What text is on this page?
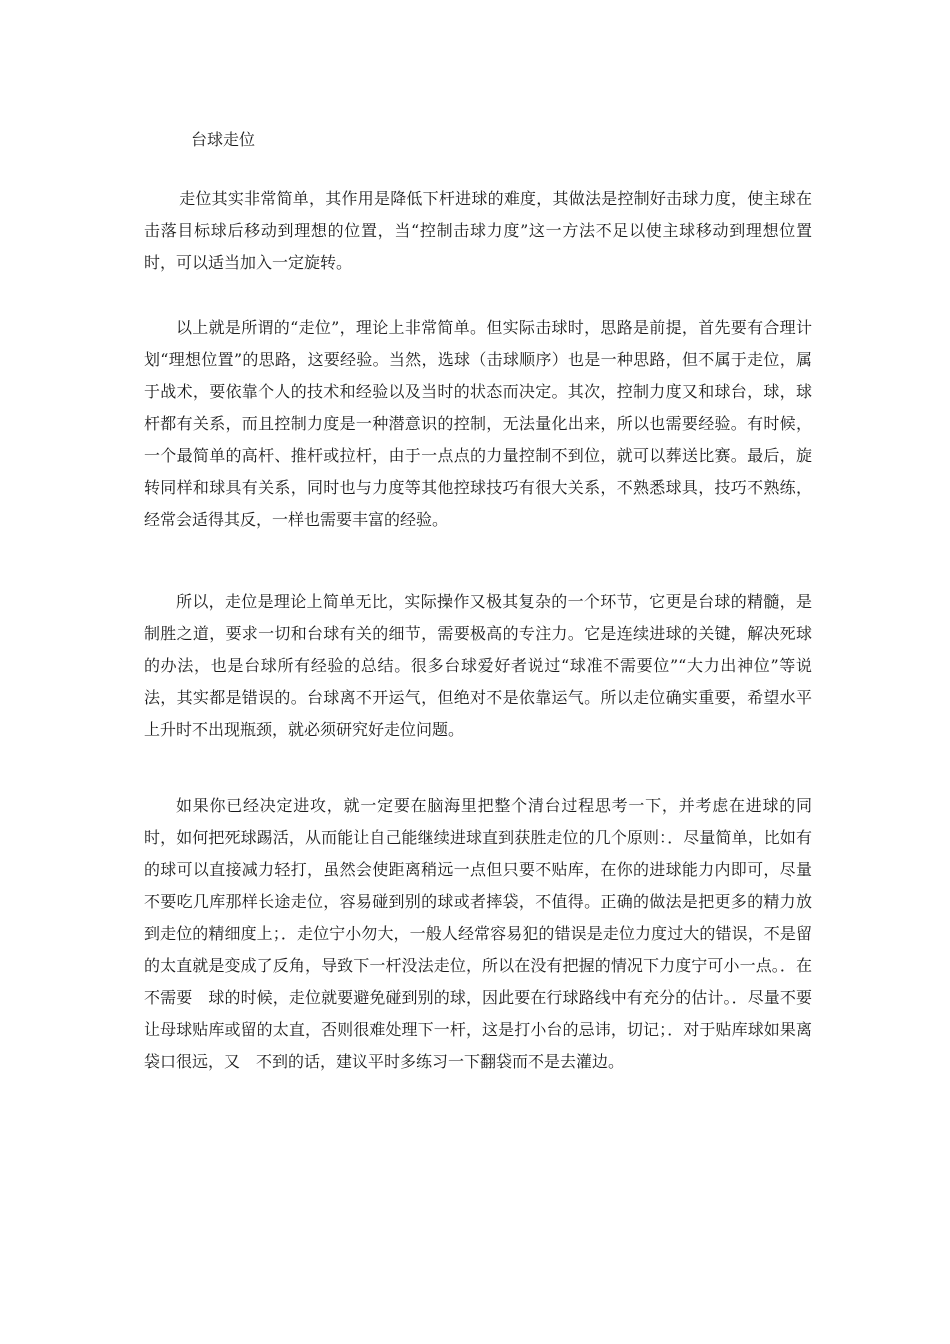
台球走位

走位其实非常简单，其作用是降低下杆进球的难度，其做法是控制好击球力度，使主球在击落目标球后移动到理想的位置，当“控制击球力度”这一方法不足以使主球移动到理想位置时，可以适当加入一定旋转。

以上就是所谓的“走位”，理论上非常简单。但实际击球时，思路是前提，首先要有合理计划“理想位置”的思路，这要经验。当然，选球（击球顺序）也是一种思路，但不属于走位，属于战术，要依靠个人的技术和经验以及当时的状态而决定。其次，控制力度又和球台，球，球杆都有关系，而且控制力度是一种潜意识的控制，无法量化出来，所以也需要经验。有时候，一个最简单的高杆、推杆或拉杆，由于一点点的力量控制不到位，就可以葬送比赛。最后，旋转同样和球具有关系，同时也与力度等其他控球技巧有很大关系，不熟悉球具，技巧不熟练，经常会适得其反，一样也需要丰富的经验。

所以，走位是理论上简单无比，实际操作又极其复杂的一个环节，它更是台球的精髓，是制胜之道，要求一切和台球有关的细节，需要极高的专注力。它是连续进球的关键，解决死球的办法，也是台球所有经验的总结。很多台球爱好者说过“球准不需要位”“大力出神位”等说法，其实都是错误的。台球离不开运气，但绝对不是依靠运气。所以走位确实重要，希望水平上升时不出现瓶颈，就必须研究好走位问题。

如果你已经决定进攻，就一定要在脑海里把整个清台过程思考一下，并考虑在进球的同时，如何把死球踢活，从而能让自己能继续进球直到获胜走位的几个原则：．尽量简单，比如有的球可以直接减力轻打，虽然会使距离稍远一点但只要不贴库，在你的进球能力内即可，尽量不要吃几库那样长途走位，容易碰到别的球或者摔袋，不值得。正确的做法是把更多的精力放到走位的精细度上；．走位宁小勿大，一般人经常容易犯的错误是走位力度过大的错误，不是留的太直就是变成了反角，导致下一杆没法走位，所以在没有把握的情况下力度宁可小一点。．在不需要　球的时候，走位就要避免碰到别的球，因此要在行球路线中有充分的估计。．尽量不要让母球贴库或留的太直，否则很难处理下一杆，这是打小台的忌讳，切记；．对于贴库球如果离袋口很远，又　不到的话，建议平时多练习一下翻袋而不是去灌边。
